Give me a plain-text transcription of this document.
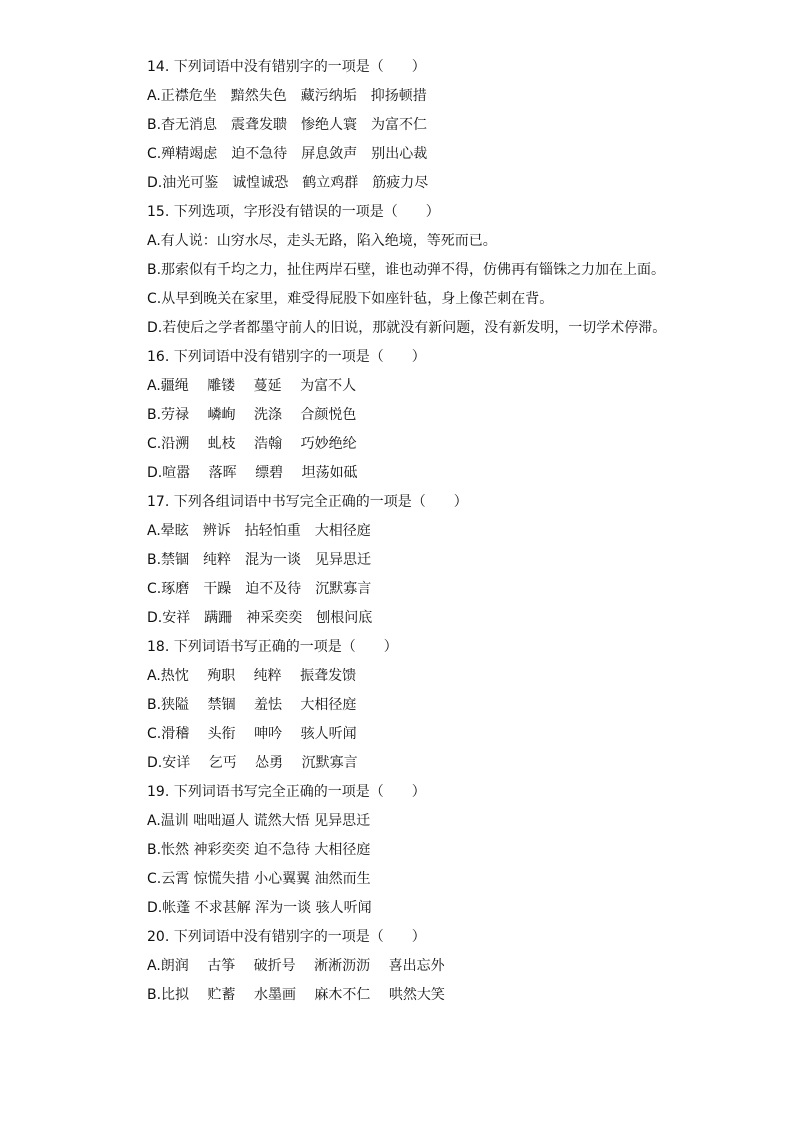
14. 下列词语中没有错别字的一项是（　　）
A.正襟危坐　黯然失色　藏污纳垢　抑扬顿措
B.杳无消息　震聋发聩　惨绝人寰　为富不仁
C.殚精竭虑　迫不急待　屏息敛声　别出心裁
D.油光可鉴　诚惶诚恐　鹤立鸡群　筋疲力尽
15. 下列选项，字形没有错误的一项是（　　）
A.有人说：山穷水尽，走头无路，陷入绝境，等死而已。
B.那索似有千均之力，扯住两岸石壁，谁也动弹不得，仿佛再有锱铢之力加在上面。
C.从早到晚关在家里，难受得屁股下如座针毡，身上像芒刺在背。
D.若使后之学者都墨守前人的旧说，那就没有新问题，没有新发明，一切学术停滞。
16. 下列词语中没有错别字的一项是（　　）
A.疆绳　 雕镂　 蔓延　 为富不人
B.劳禄　 嶙峋　 洗涤　 合颜悦色
C.沿溯　 虬枝　 浩翰　 巧妙绝纶
D.喧嚣　 落晖　 缥碧　 坦荡如砥
17. 下列各组词语中书写完全正确的一项是（　　）
A.晕眩　辨诉　拈轻怕重　大相径庭
B.禁锢　纯粹　混为一谈　见异思迁
C.琢磨　干躁　迫不及待　沉默寡言
D.安祥　蹒跚　神采奕奕　刨根问底
18. 下列词语书写正确的一项是（　　）
A.热忱　 殉职　 纯粹　 振聋发馈
B.狭隘　 禁锢　 羞怯　 大相径庭
C.滑稽　 头衔　 呻吟　 骇人听闻
D.安详　 乞丐　 怂勇　 沉默寡言
19. 下列词语书写完全正确的一项是（　　）
A.温训 咄咄逼人 谎然大悟 见异思迁
B.怅然 神彩奕奕 迫不急待 大相径庭
C.云霄 惊慌失措 小心翼翼 油然而生
D.帐蓬 不求甚解 浑为一谈 骇人听闻
20. 下列词语中没有错别字的一项是（　　）
A.朗润　 古筝　 破折号　 淅淅沥沥　 喜出忘外
B.比拟　 贮蓄　 水墨画　 麻木不仁　 哄然大笑
